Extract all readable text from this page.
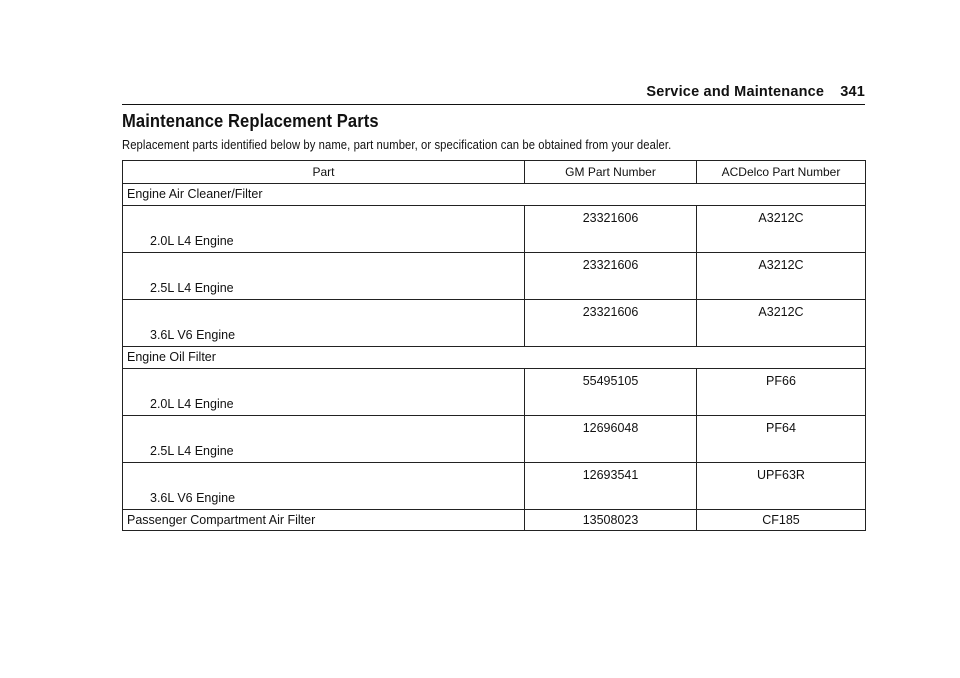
Service and Maintenance 341
Maintenance Replacement Parts
Replacement parts identified below by name, part number, or specification can be obtained from your dealer.
Part	GM Part Number	ACDelco Part Number
Engine Air Cleaner/Filter		
2.0L L4 Engine	23321606	A3212C
2.5L L4 Engine	23321606	A3212C
3.6L V6 Engine	23321606	A3212C
Engine Oil Filter		
2.0L L4 Engine	55495105	PF66
2.5L L4 Engine	12696048	PF64
3.6L V6 Engine	12693541	UPF63R
Passenger Compartment Air Filter	13508023	CF185
